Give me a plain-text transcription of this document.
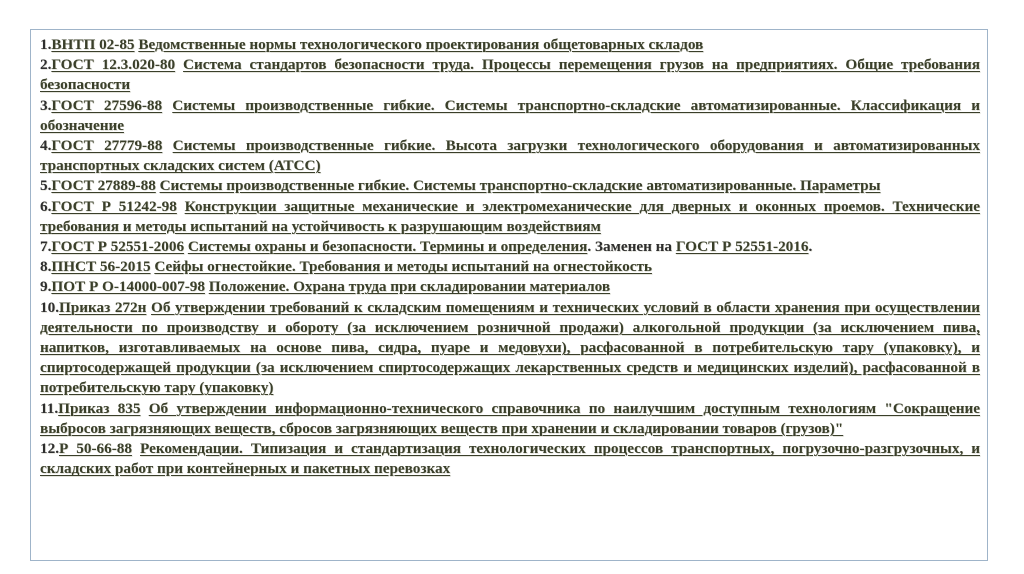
1.ВНТП 02-85 Ведомственные нормы технологического проектирования общетоварных складов
2.ГОСТ 12.3.020-80 Система стандартов безопасности труда. Процессы перемещения грузов на предприятиях. Общие требования безопасности
3.ГОСТ 27596-88 Системы производственные гибкие. Системы транспортно-складские автоматизированные. Классификация и обозначение
4.ГОСТ 27779-88 Системы производственные гибкие. Высота загрузки технологического оборудования и автоматизированных транспортных складских систем (АТСС)
5.ГОСТ 27889-88 Системы производственные гибкие. Системы транспортно-складские автоматизированные. Параметры
6.ГОСТ Р 51242-98 Конструкции защитные механические и электромеханические для дверных и оконных проемов. Технические требования и методы испытаний на устойчивость к разрушающим воздействиям
7.ГОСТ Р 52551-2006 Системы охраны и безопасности. Термины и определения. Заменен на ГОСТ Р 52551-2016.
8.ПНСТ 56-2015 Сейфы огнестойкие. Требования и методы испытаний на огнестойкость
9.ПОТ Р О-14000-007-98 Положение. Охрана труда при складировании материалов
10.Приказ 272н Об утверждении требований к складским помещениям и технических условий в области хранения при осуществлении деятельности по производству и обороту (за исключением розничной продажи) алкогольной продукции (за исключением пива, напитков, изготавливаемых на основе пива, сидра, пуаре и медовухи), расфасованной в потребительскую тару (упаковку), и спиртосодержащей продукции (за исключением спиртосодержащих лекарственных средств и медицинских изделий), расфасованной в потребительскую тару (упаковку)
11.Приказ 835 Об утверждении информационно-технического справочника по наилучшим доступным технологиям "Сокращение выбросов загрязняющих веществ, сбросов загрязняющих веществ при хранении и складировании товаров (грузов)"
12.Р 50-66-88 Рекомендации. Типизация и стандартизация технологических процессов транспортных, погрузочно-разгрузочных, и складских работ при контейнерных и пакетных перевозках
